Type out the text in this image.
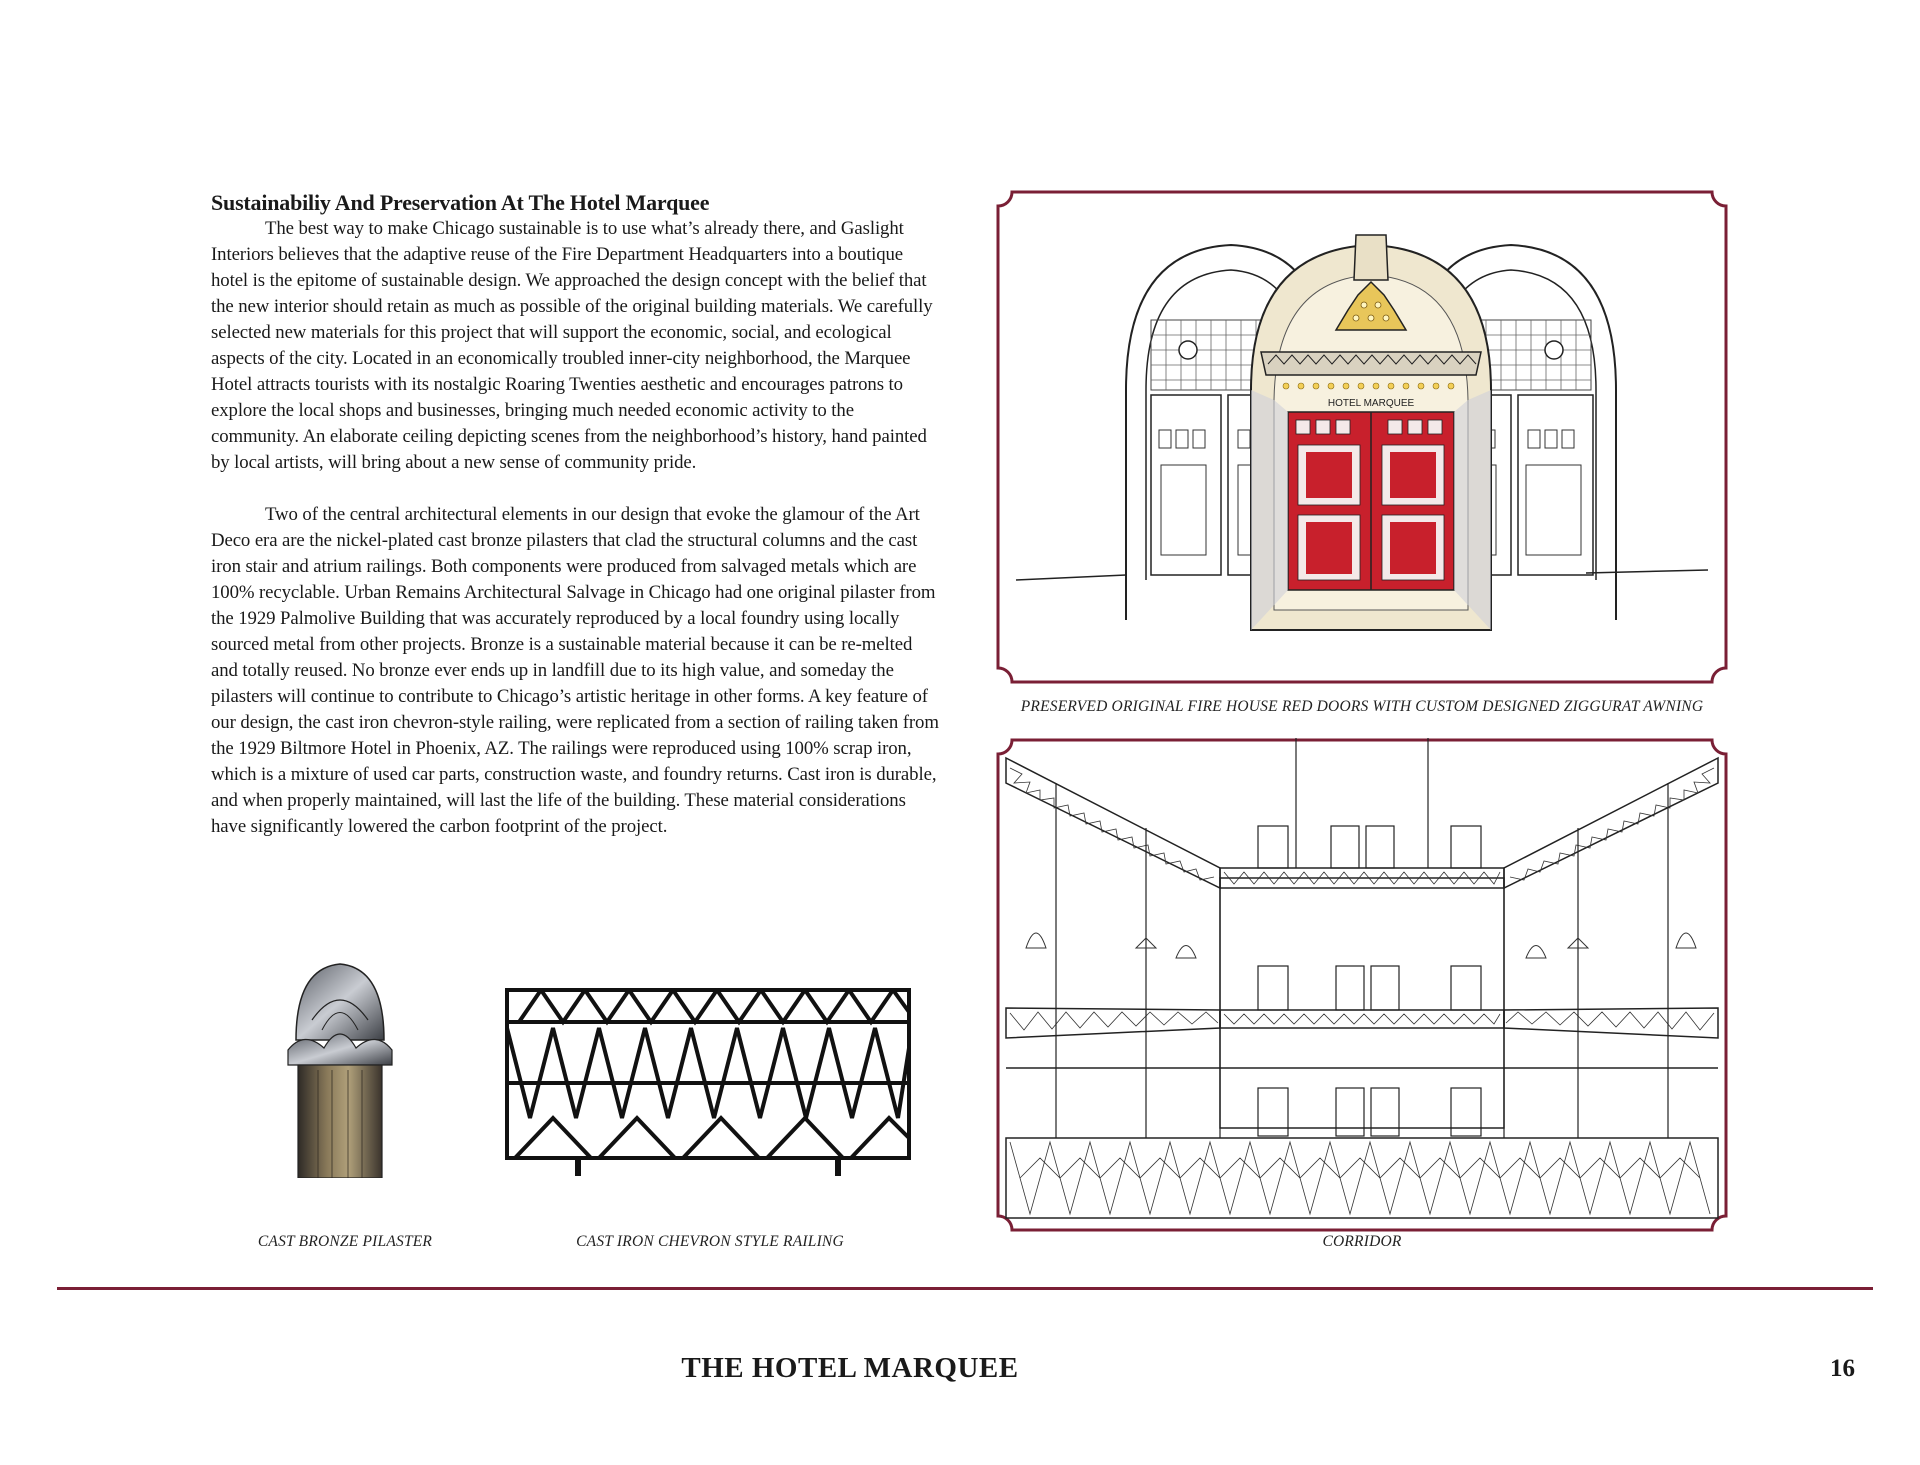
Sustainabiliy And Preservation At The Hotel Marquee

The best way to make Chicago sustainable is to use what’s already there, and Gaslight Interiors believes that the adaptive reuse of the Fire Department Headquarters into a boutique hotel is the epitome of sustainable design. We approached the design concept with the belief that the new interior should retain as much as possible of the original building materials. We carefully selected new materials for this project that will support the economic, social, and ecological aspects of the city. Located in an economically troubled inner-city neighborhood, the Marquee Hotel attracts tourists with its nostalgic Roaring Twenties aesthetic and encourages patrons to explore the local shops and businesses, bringing much needed economic activity to the community. An elaborate ceiling depicting scenes from the neighborhood’s history, hand painted by local artists, will bring about a new sense of community pride.

Two of the central architectural elements in our design that evoke the glamour of the Art Deco era are the nickel-plated cast bronze pilasters that clad the structural columns and the cast iron stair and atrium railings. Both components were produced from salvaged metals which are 100% recyclable. Urban Remains Architectural Salvage in Chicago had one original pilaster from the 1929 Palmolive Building that was accurately reproduced by a local foundry using locally sourced metal from other projects. Bronze is a sustainable material because it can be re-melted and totally reused. No bronze ever ends up in landfill due to its high value, and someday the pilasters will continue to contribute to Chicago’s artistic heritage in other forms. A key feature of our design, the cast iron chevron-style railing, were replicated from a section of railing taken from the 1929 Biltmore Hotel in Phoenix, AZ. The railings were reproduced using 100% scrap iron, which is a mixture of used car parts, construction waste, and foundry returns. Cast iron is durable, and when properly maintained, will last the life of the building. These material considerations have significantly lowered the carbon footprint of the project.

HOTEL MARQUEE
PRESERVED ORIGINAL FIRE HOUSE RED DOORS WITH CUSTOM DESIGNED ZIGGURAT AWNING
CORRIDOR
CAST BRONZE PILASTER	CAST IRON CHEVRON STYLE RAILING
THE HOTEL MARQUEE	16
